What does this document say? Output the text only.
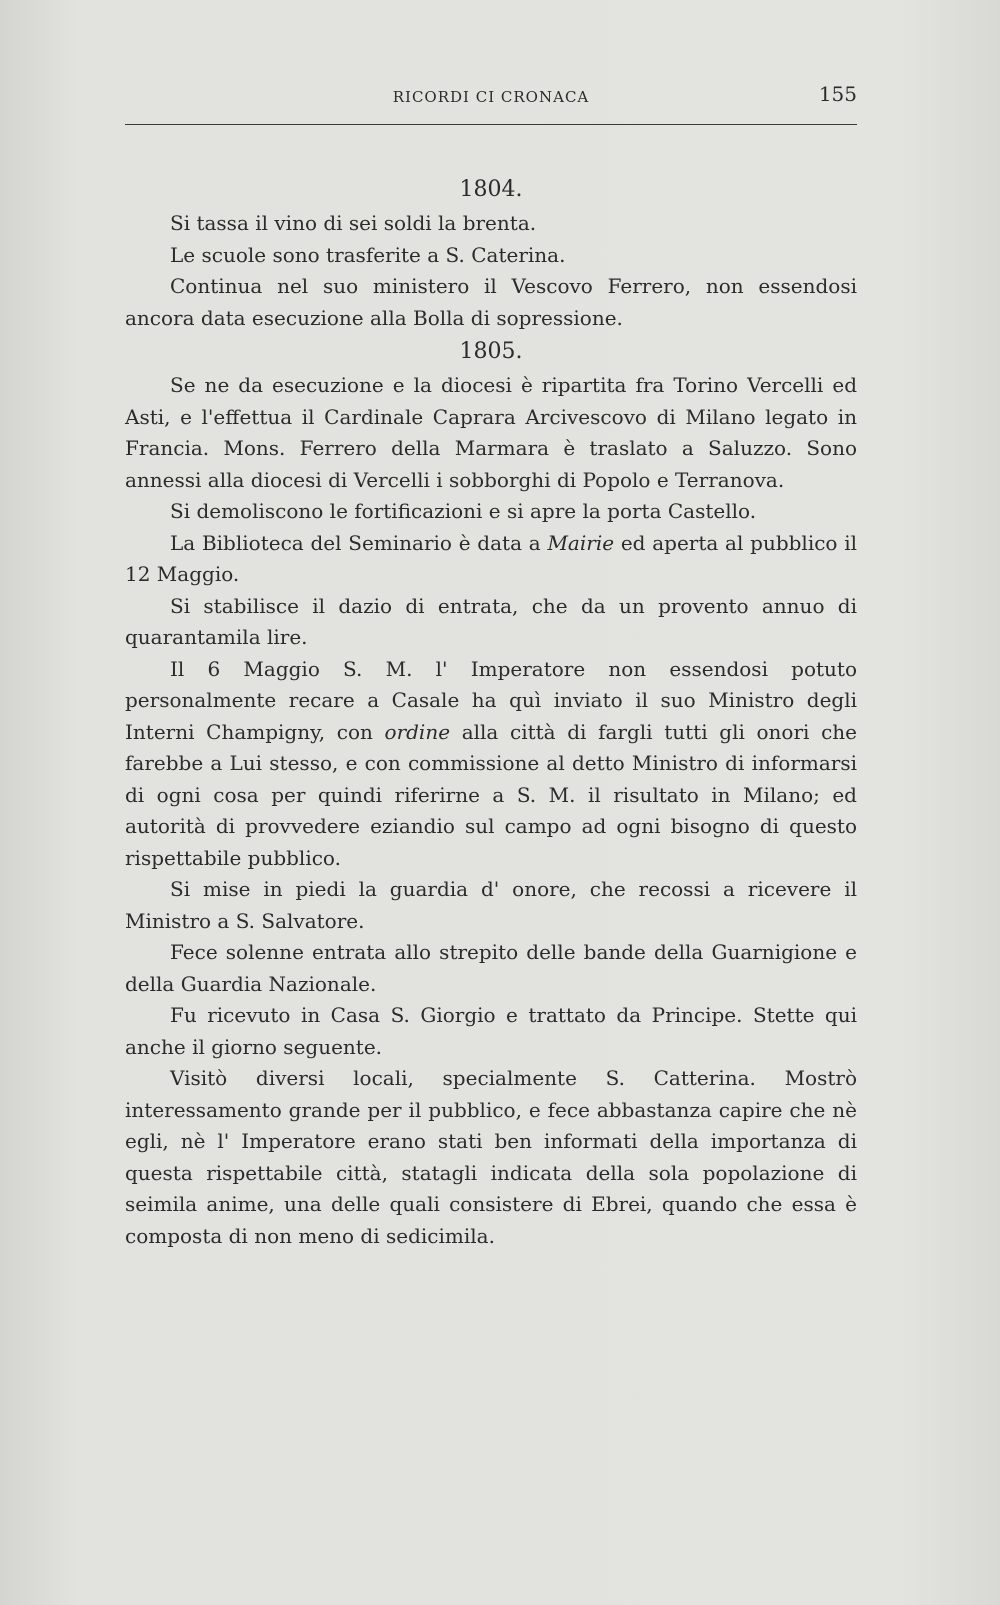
RICORDI CI CRONACA	155

1804.

Si tassa il vino di sei soldi la brenta.

Le scuole sono trasferite a S. Caterina.

Continua nel suo ministero il Vescovo Ferrero, non essendosi ancora data esecuzione alla Bolla di sopressione.

1805.

Se ne da esecuzione e la diocesi è ripartita fra Torino Vercelli ed Asti, e l'effettua il Cardinale Caprara Arcivescovo di Milano legato in Francia. Mons. Ferrero della Marmara è traslato a Saluzzo. Sono annessi alla diocesi di Vercelli i sobborghi di Popolo e Terranova.

Si demoliscono le fortificazioni e si apre la porta Castello.

La Biblioteca del Seminario è data a Mairie ed aperta al pubblico il 12 Maggio.

Si stabilisce il dazio di entrata, che da un provento annuo di quarantamila lire.

Il 6 Maggio S. M. l' Imperatore non essendosi potuto personalmente recare a Casale ha quì inviato il suo Ministro degli Interni Champigny, con ordine alla città di fargli tutti gli onori che farebbe a Lui stesso, e con commissione al detto Ministro di informarsi di ogni cosa per quindi riferirne a S. M. il risultato in Milano; ed autorità di provvedere eziandio sul campo ad ogni bisogno di questo rispettabile pubblico.

Si mise in piedi la guardia d' onore, che recossi a ricevere il Ministro a S. Salvatore.

Fece solenne entrata allo strepito delle bande della Guarnigione e della Guardia Nazionale.

Fu ricevuto in Casa S. Giorgio e trattato da Principe. Stette qui anche il giorno seguente.

Visitò diversi locali, specialmente S. Catterina. Mostrò interessamento grande per il pubblico, e fece abbastanza capire che nè egli, nè l' Imperatore erano stati ben informati della importanza di questa rispettabile città, statagli indicata della sola popolazione di seimila anime, una delle quali consistere di Ebrei, quando che essa è composta di non meno di sedicimila.
